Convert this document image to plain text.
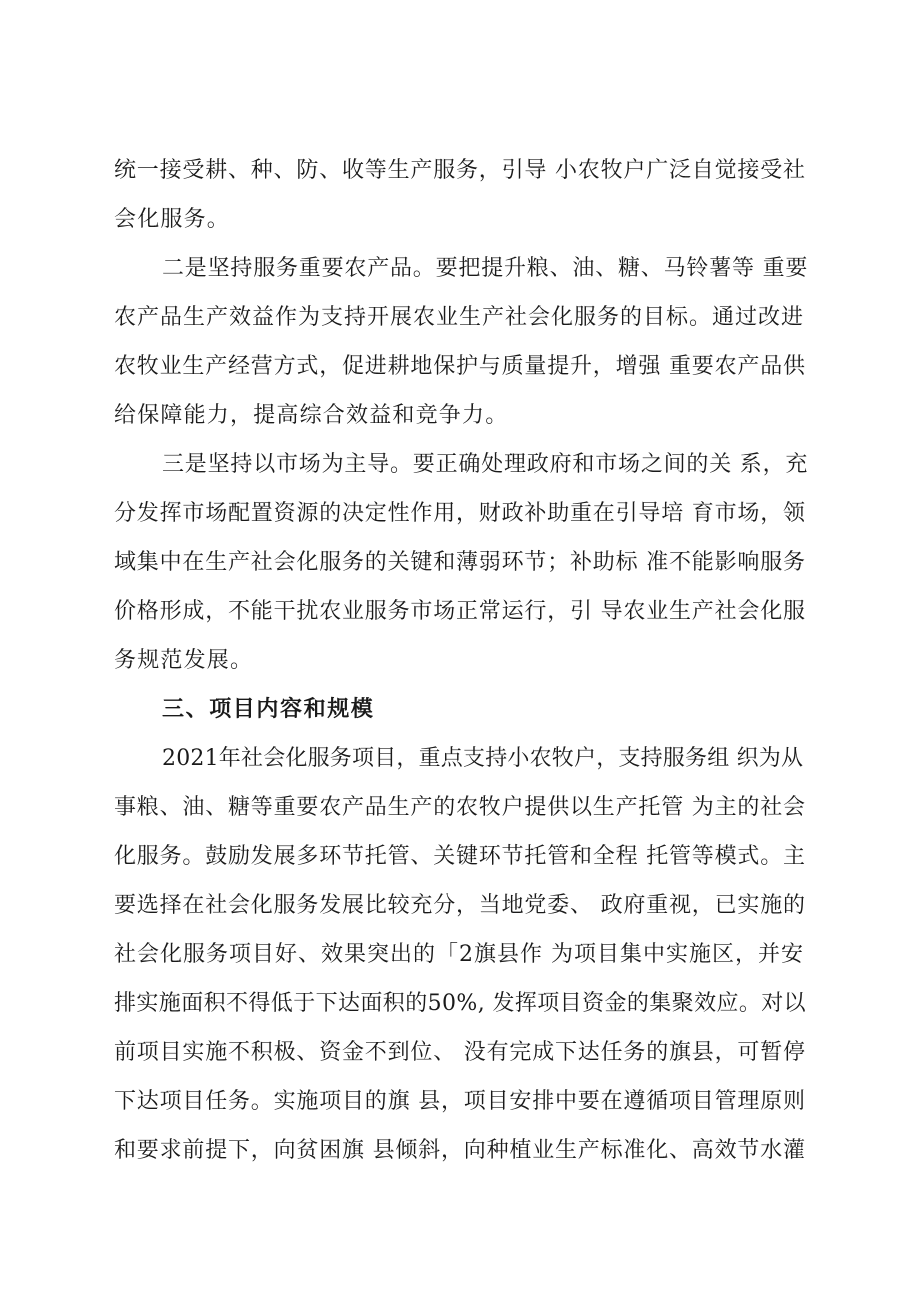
统一接受耕、种、防、收等生产服务，引导 小农牧户广泛自觉接受社

会化服务。

二是坚持服务重要农产品。要把提升粮、油、糖、马铃薯等 重要

农产品生产效益作为支持开展农业生产社会化服务的目标。通过改进

农牧业生产经营方式，促进耕地保护与质量提升，增强 重要农产品供

给保障能力，提高综合效益和竞争力。

三是坚持以市场为主导。要正确处理政府和市场之间的关 系，充

分发挥市场配置资源的决定性作用，财政补助重在引导培 育市场，领

域集中在生产社会化服务的关键和薄弱环节；补助标 准不能影响服务

价格形成，不能干扰农业服务市场正常运行，引 导农业生产社会化服

务规范发展。

三、项目内容和规模

2021年社会化服务项目，重点支持小农牧户，支持服务组 织为从

事粮、油、糖等重要农产品生产的农牧户提供以生产托管 为主的社会

化服务。鼓励发展多环节托管、关键环节托管和全程 托管等模式。主

要选择在社会化服务发展比较充分，当地党委、 政府重视，已实施的

社会化服务项目好、效果突出的「2旗县作 为项目集中实施区，并安

排实施面积不得低于下达面积的50%, 发挥项目资金的集聚效应。对以

前项目实施不积极、资金不到位、 没有完成下达任务的旗县，可暂停

下达项目任务。实施项目的旗 县，项目安排中要在遵循项目管理原则

和要求前提下，向贫困旗 县倾斜，向种植业生产标准化、高效节水灌
